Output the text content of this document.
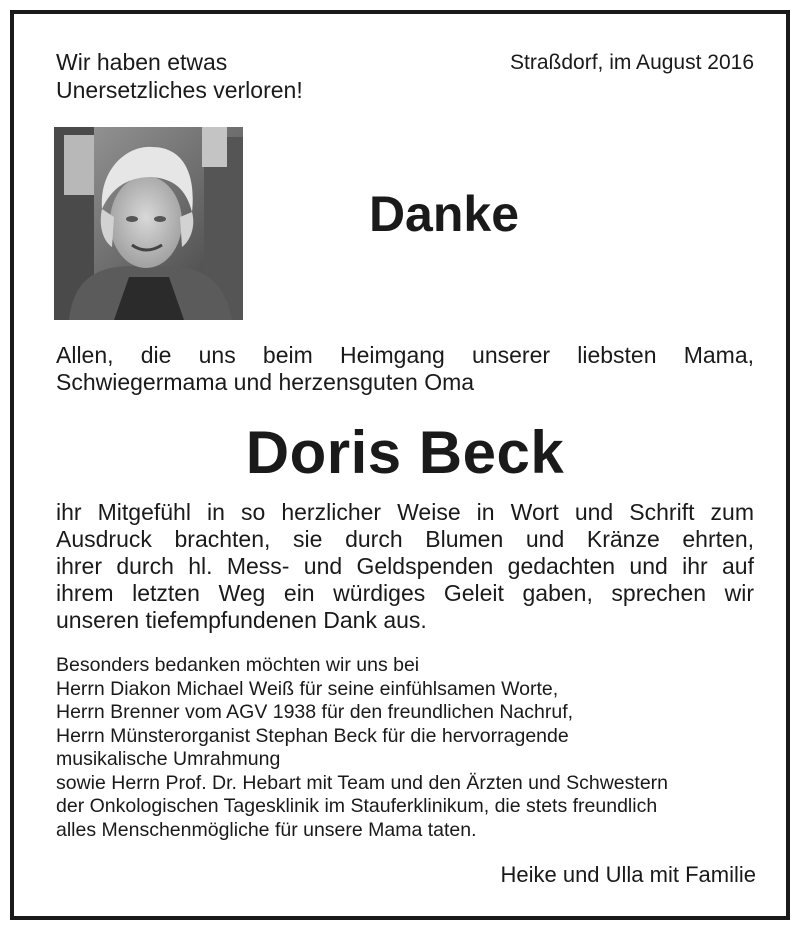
Wir haben etwas
Unersetzliches verloren!

Straßdorf, im August 2016
Danke

Allen, die uns beim Heimgang unserer liebsten Mama,
Schwiegermama und herzensguten Oma

Doris Beck

ihr Mitgefühl in so herzlicher Weise in Wort und Schrift zum
Ausdruck brachten, sie durch Blumen und Kränze ehrten,
ihrer durch hl. Mess- und Geldspenden gedachten und ihr auf
ihrem letzten Weg ein würdiges Geleit gaben, sprechen wir
unseren tiefempfundenen Dank aus.

Besonders bedanken möchten wir uns bei
Herrn Diakon Michael Weiß für seine einfühlsamen Worte,
Herrn Brenner vom AGV 1938 für den freundlichen Nachruf,
Herrn Münsterorganist Stephan Beck für die hervorragende
musikalische Umrahmung
sowie Herrn Prof. Dr. Hebart mit Team und den Ärzten und Schwestern
der Onkologischen Tagesklinik im Stauferklinikum, die stets freundlich
alles Menschenmögliche für unsere Mama taten.

Heike und Ulla mit Familie
